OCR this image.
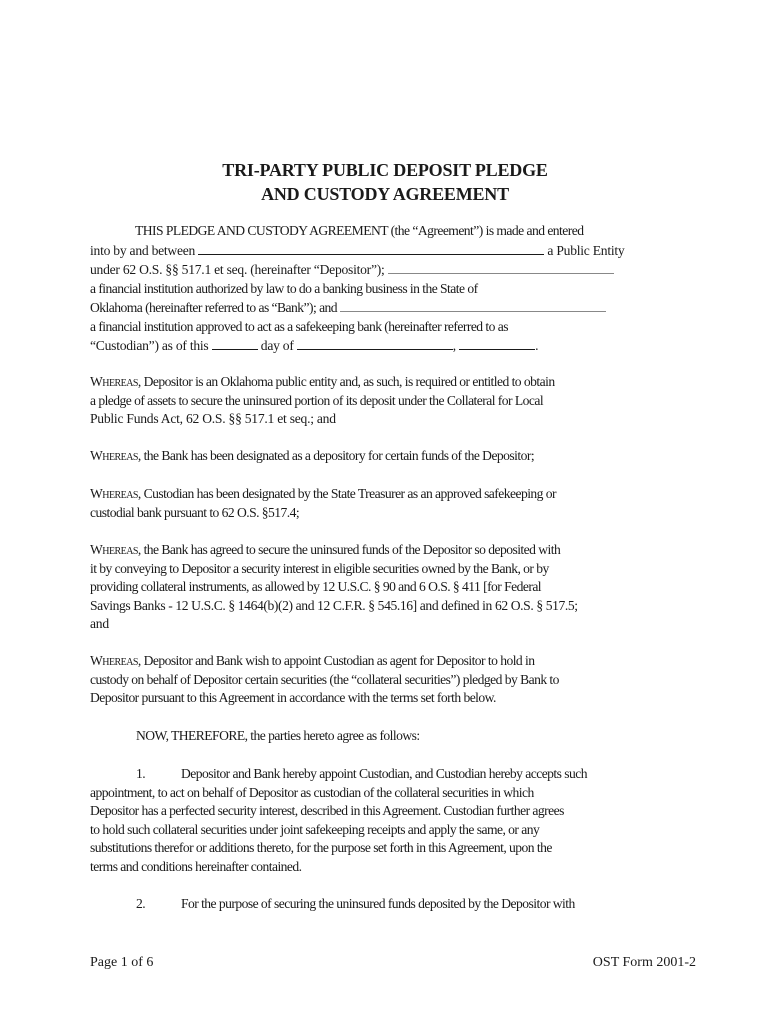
TRI-PARTY PUBLIC DEPOSIT PLEDGE
AND CUSTODY AGREEMENT
THIS PLEDGE AND CUSTODY AGREEMENT (the “Agreement”) is made and entered
into by and between	a Public Entity
under 62 O.S. §§ 517.1 et seq. (hereinafter “Depositor”);
a financial institution authorized by law to do a banking business in the State of
Oklahoma (hereinafter referred to as “Bank”); and
a financial institution approved to act as a safekeeping bank (hereinafter referred to as
“Custodian”) as of this	day of	,	.
Whereas, Depositor is an Oklahoma public entity and, as such, is required or entitled to obtain
a pledge of assets to secure the uninsured portion of its deposit under the Collateral for Local
Public Funds Act, 62 O.S. §§ 517.1 et seq.; and
Whereas, the Bank has been designated as a depository for certain funds of the Depositor;
Whereas, Custodian has been designated by the State Treasurer as an approved safekeeping or
custodial bank pursuant to 62 O.S. §517.4;
Whereas, the Bank has agreed to secure the uninsured funds of the Depositor so deposited with
it by conveying to Depositor a security interest in eligible securities owned by the Bank, or by
providing collateral instruments, as allowed by 12 U.S.C. § 90 and 6 O.S. § 411 [for Federal
Savings Banks - 12 U.S.C. § 1464(b)(2) and 12 C.F.R. § 545.16] and defined in 62 O.S. § 517.5;
and
Whereas, Depositor and Bank wish to appoint Custodian as agent for Depositor to hold in
custody on behalf of Depositor certain securities (the “collateral securities”) pledged by Bank to
Depositor pursuant to this Agreement in accordance with the terms set forth below.
NOW, THEREFORE, the parties hereto agree as follows:
1.	Depositor and Bank hereby appoint Custodian, and Custodian hereby accepts such
appointment, to act on behalf of Depositor as custodian of the collateral securities in which
Depositor has a perfected security interest, described in this Agreement. Custodian further agrees
to hold such collateral securities under joint safekeeping receipts and apply the same, or any
substitutions therefor or additions thereto, for the purpose set forth in this Agreement, upon the
terms and conditions hereinafter contained.
2.	For the purpose of securing the uninsured funds deposited by the Depositor with
Page 1 of 6	OST Form 2001-2
